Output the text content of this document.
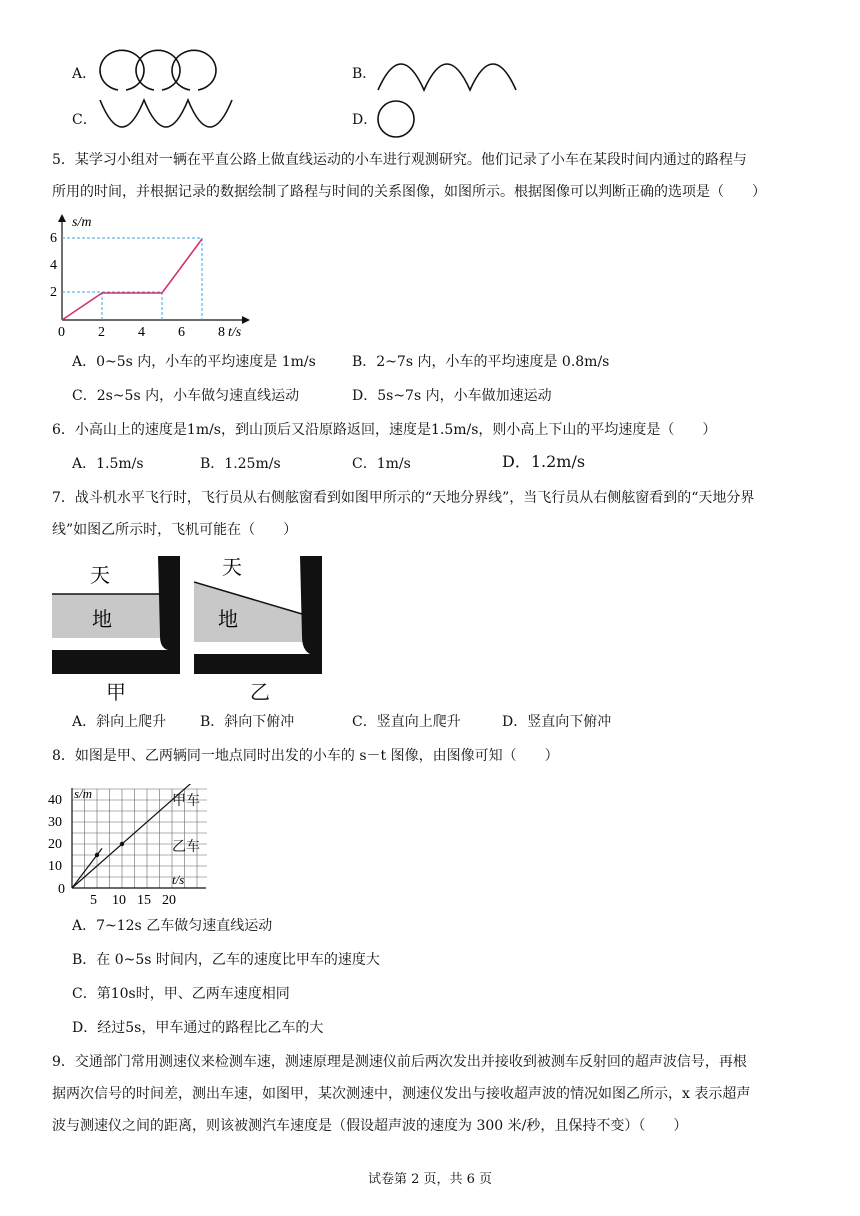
A．	B．
C．	D．
5．某学习小组对一辆在平直公路上做直线运动的小车进行观测研究。他们记录了小车在某段时间内通过的路程与
所用的时间，并根据记录的数据绘制了路程与时间的关系图像，如图所示。根据图像可以判断正确的选项是（　　）
6
4
2
0 2 4 6 8
s/m
t/s
A．0~5s 内，小车的平均速度是 1m/s	B．2~7s 内，小车的平均速度是 0.8m/s
C．2s~5s 内，小车做匀速直线运动	D．5s~7s 内，小车做加速运动
6．小高山上的速度是1m/s，到山顶后又沿原路返回，速度是1.5m/s，则小高上下山的平均速度是（　　）
A．1.5m/s	B．1.25m/s	C．1m/s	D．1.2m/s
7．战斗机水平飞行时，飞行员从右侧舷窗看到如图甲所示的“天地分界线”，当飞行员从右侧舷窗看到的“天地分界
线”如图乙所示时，飞机可能在（　　）
天
地
甲
天
地
乙
A．斜向上爬升 B．斜向下俯冲	C．竖直向上爬升	D．竖直向下俯冲
8．如图是甲、乙两辆同一地点同时出发的小车的 s－t 图像，由图像可知（　　）
40
30
20
10
0
5 10 15 20
s/m
t/s
甲车
乙车
A．7~12s 乙车做匀速直线运动
B．在 0~5s 时间内，乙车的速度比甲车的速度大
C．第10s时，甲、乙两车速度相同
D．经过5s，甲车通过的路程比乙车的大
9．交通部门常用测速仪来检测车速，测速原理是测速仪前后两次发出并接收到被测车反射回的超声波信号，再根
据两次信号的时间差，测出车速，如图甲，某次测速中，测速仪发出与接收超声波的情况如图乙所示，x 表示超声
波与测速仪之间的距离，则该被测汽车速度是（假设超声波的速度为 300 米/秒，且保持不变）（　　）
试卷第 2 页，共 6 页
